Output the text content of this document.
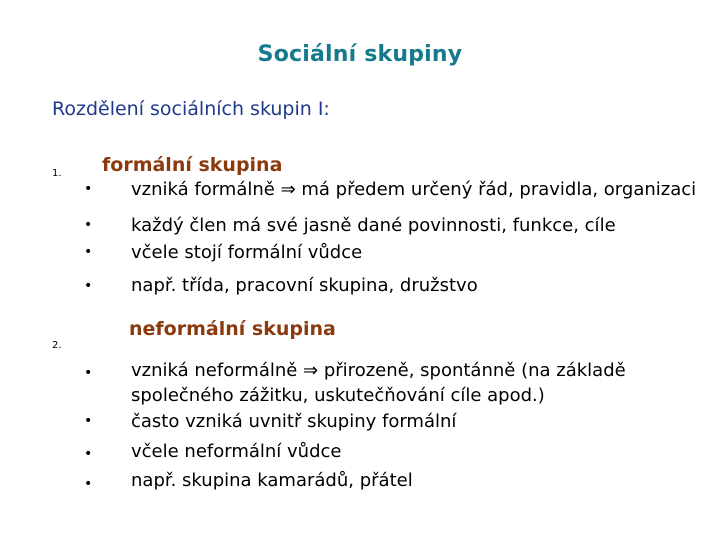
Sociální skupiny
Rozdělení sociálních skupin I:
1. formální skupina
• vzniká formálně ⇒ má předem určený řád, pravidla, organizaci
• každý člen má své jasně dané povinnosti, funkce, cíle
• včele stojí formální vůdce
• např. třída, pracovní skupina, družstvo
2.
neformální skupina
• vzniká neformálně ⇒ přirozeně, spontánně (na základě
společného zážitku, uskutečňování cíle apod.)
• často vzniká uvnitř skupiny formální
• včele neformální vůdce
• např. skupina kamarádů, přátel
